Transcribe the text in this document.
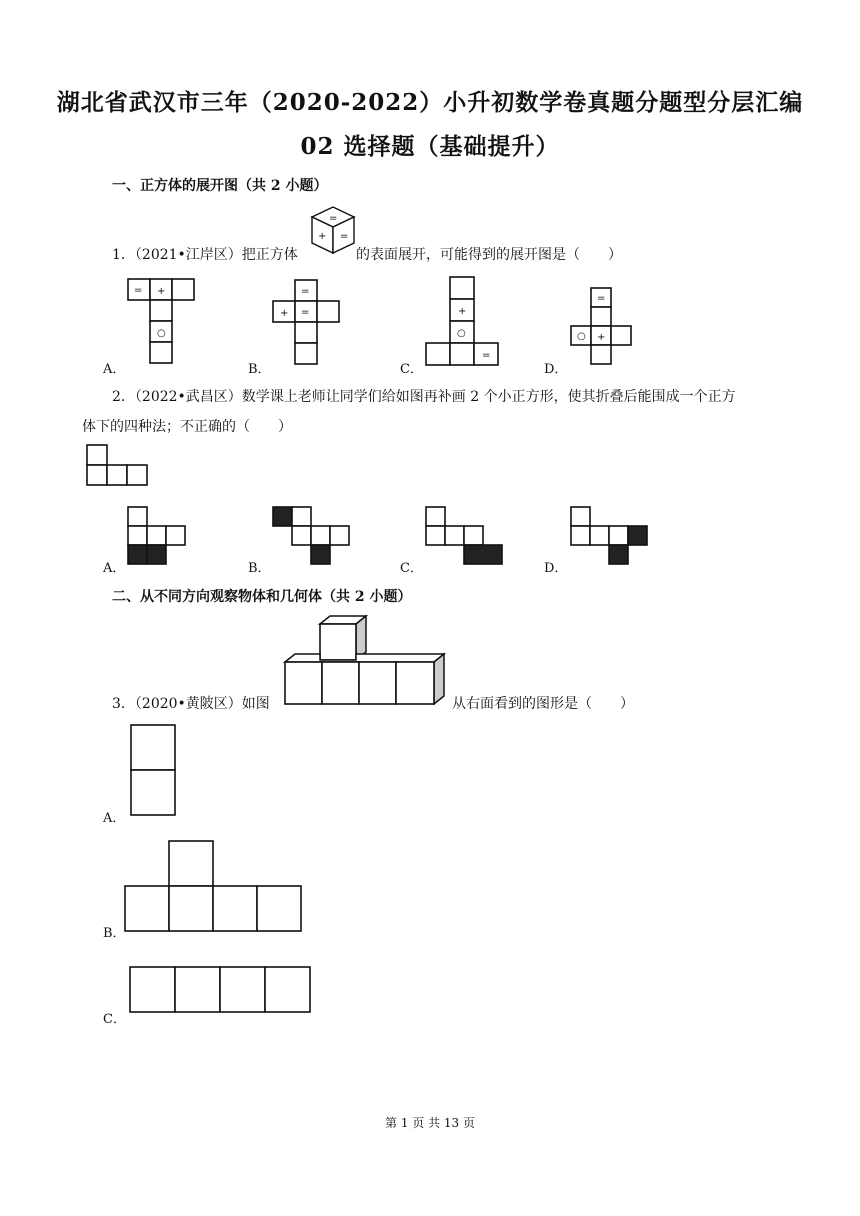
湖北省武汉市三年（2020-2022）小升初数学卷真题分题型分层汇编
02 选择题（基础提升）
一、正方体的展开图（共 2 小题）
1．（2021•江岸区）把正方体
=
+ =
的表面展开，可能得到的展开图是（　　）
= +
○
A．
=
+ =
B．
+
○
=
C．
=
○ +
D．
2．（2022•武昌区）数学课上老师让同学们给如图再补画 2 个小正方形，使其折叠后能围成一个正方
体下的四种法；不正确的（　　）
A．	B．	C．	D．
二、从不同方向观察物体和几何体（共 2 小题）
3．（2020•黄陂区）如图	从右面看到的图形是（　　）
A．
B．
C．
第 1 页 共 13 页
